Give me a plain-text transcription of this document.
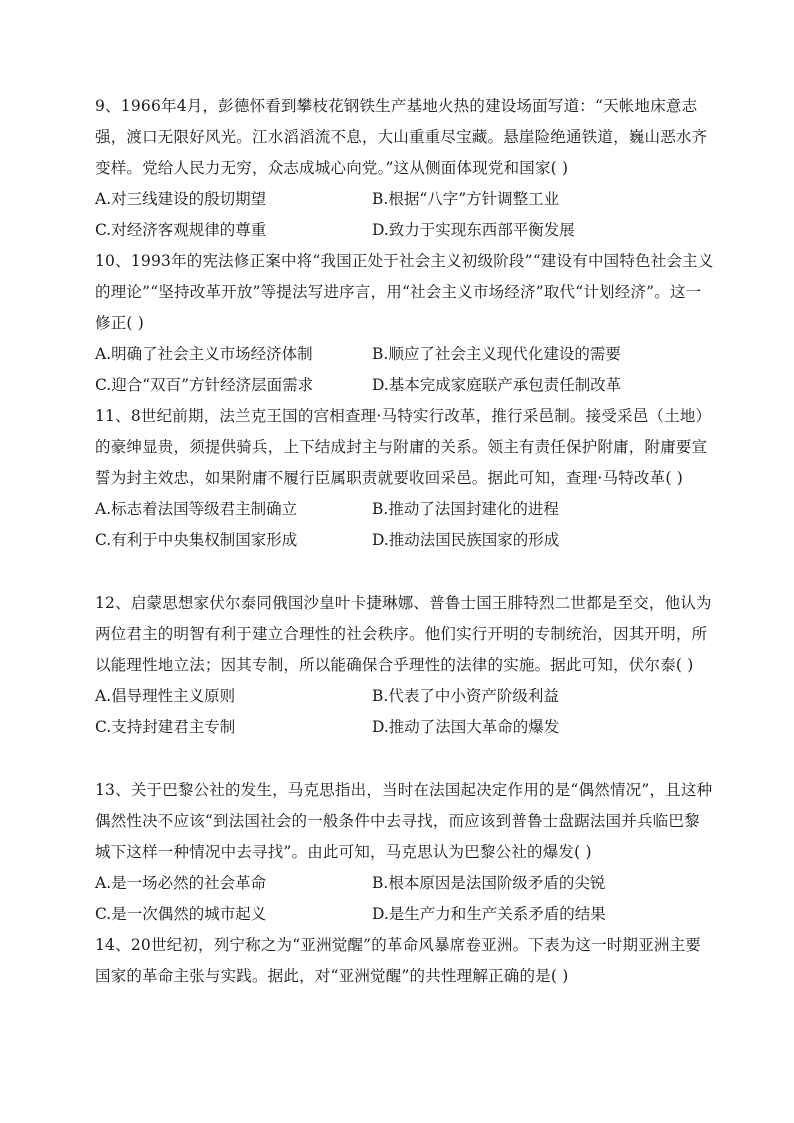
9、1966年4月，彭德怀看到攀枝花钢铁生产基地火热的建设场面写道：“天帐地床意志强，渡口无限好风光。江水滔滔流不息，大山重重尽宝藏。悬崖险绝通铁道，巍山恶水齐变样。党给人民力无穷，众志成城心向党。”这从侧面体现党和国家( )

A.对三线建设的殷切期望	B.根据“八字”方针调整工业
C.对经济客观规律的尊重	D.致力于实现东西部平衡发展

10、1993年的宪法修正案中将“我国正处于社会主义初级阶段”“建设有中国特色社会主义的理论”“坚持改革开放”等提法写进序言，用“社会主义市场经济”取代“计划经济”。这一修正( )

A.明确了社会主义市场经济体制	B.顺应了社会主义现代化建设的需要
C.迎合“双百”方针经济层面需求	D.基本完成家庭联产承包责任制改革

11、8世纪前期，法兰克王国的宫相查理·马特实行改革，推行采邑制。接受采邑（土地）的豪绅显贵，须提供骑兵，上下结成封主与附庸的关系。领主有责任保护附庸，附庸要宣誓为封主效忠，如果附庸不履行臣属职责就要收回采邑。据此可知，查理·马特改革( )

A.标志着法国等级君主制确立	B.推动了法国封建化的进程
C.有利于中央集权制国家形成	D.推动法国民族国家的形成

12、启蒙思想家伏尔泰同俄国沙皇叶卡捷琳娜、普鲁士国王腓特烈二世都是至交，他认为两位君主的明智有利于建立合理性的社会秩序。他们实行开明的专制统治，因其开明，所以能理性地立法；因其专制，所以能确保合乎理性的法律的实施。据此可知，伏尔泰( )

A.倡导理性主义原则	B.代表了中小资产阶级利益
C.支持封建君主专制	D.推动了法国大革命的爆发

13、关于巴黎公社的发生，马克思指出，当时在法国起决定作用的是“偶然情况”，且这种偶然性决不应该“到法国社会的一般条件中去寻找，而应该到普鲁士盘踞法国并兵临巴黎城下这样一种情况中去寻找”。由此可知，马克思认为巴黎公社的爆发( )

A.是一场必然的社会革命	B.根本原因是法国阶级矛盾的尖锐
C.是一次偶然的城市起义	D.是生产力和生产关系矛盾的结果

14、20世纪初，列宁称之为“亚洲觉醒”的革命风暴席卷亚洲。下表为这一时期亚洲主要国家的革命主张与实践。据此，对“亚洲觉醒”的共性理解正确的是( )
